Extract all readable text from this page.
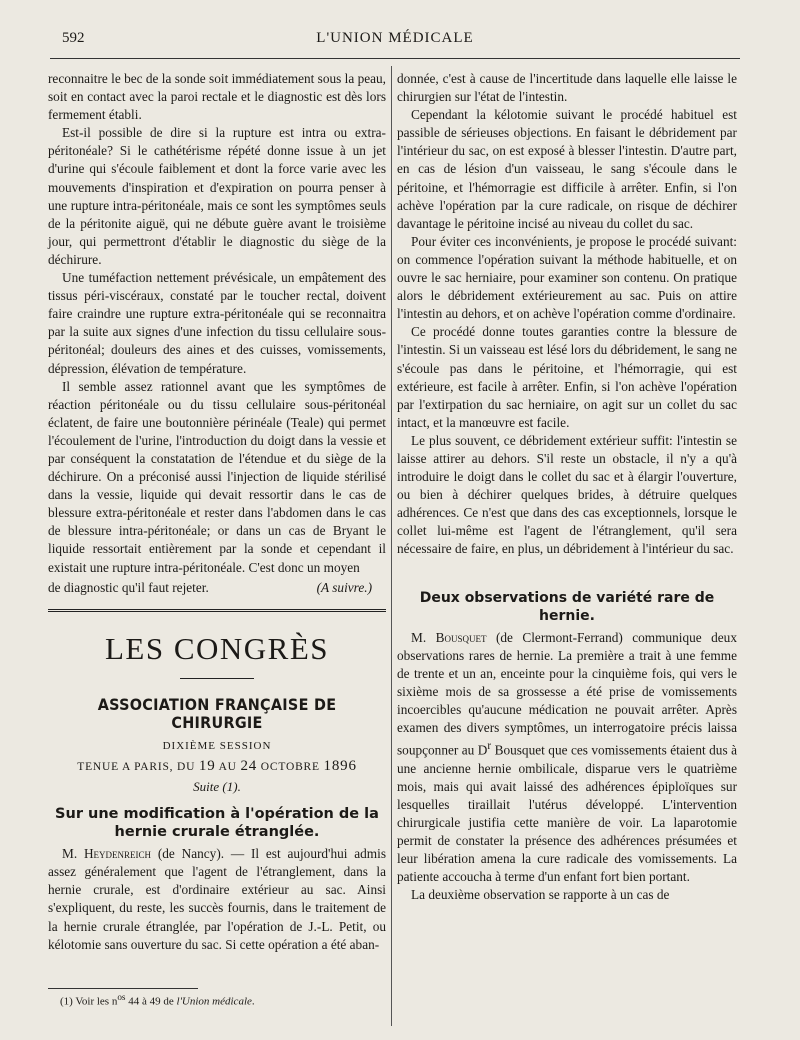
592	L'UNION MÉDICALE

reconnaitre le bec de la sonde soit immédiatement sous la peau, soit en contact avec la paroi rectale et le diagnostic est dès lors fermement établi.

Est-il possible de dire si la rupture est intra ou extra-péritonéale? Si le cathétérisme répété donne issue à un jet d'urine qui s'écoule faiblement et dont la force varie avec les mouvements d'inspiration et d'expiration on pourra penser à une rupture intra-péritonéale, mais ce sont les symptômes seuls de la péritonite aiguë, qui ne débute guère avant le troisième jour, qui permettront d'établir le diagnostic du siège de la déchirure.

Une tuméfaction nettement prévésicale, un empâtement des tissus péri-viscéraux, constaté par le toucher rectal, doivent faire craindre une rupture extra-péritonéale qui se reconnaitra par la suite aux signes d'une infection du tissu cellulaire sous-péritonéal; douleurs des aines et des cuisses, vomissements, dépression, élévation de température.

Il semble assez rationnel avant que les symptômes de réaction péritonéale ou du tissu cellulaire sous-péritonéal éclatent, de faire une boutonnière périnéale (Teale) qui permet l'écoulement de l'urine, l'introduction du doigt dans la vessie et par conséquent la constatation de l'étendue et du siège de la déchirure. On a préconisé aussi l'injection de liquide stérilisé dans la vessie, liquide qui devait ressortir dans le cas de blessure extra-péritonéale et rester dans l'abdomen dans le cas de blessure intra-péritonéale; or dans un cas de Bryant le liquide ressortait entièrement par la sonde et cependant il existait une rupture intra-péritonéale. C'est donc un moyen

de diagnostic qu'il faut rejeter.	(A suivre.)
LES CONGRÈS
ASSOCIATION FRANÇAISE DE CHIRURGIE
DIXIÈME SESSION
TENUE A PARIS, DU 19 AU 24 OCTOBRE 1896
Suite (1).
Sur une modification à l'opération de la hernie crurale étranglée.

M. Heydenreich (de Nancy). — Il est aujourd'hui admis assez généralement que l'agent de l'étranglement, dans la hernie crurale, est d'ordinaire extérieur au sac. Ainsi s'expliquent, du reste, les succès fournis, dans le traitement de la hernie crurale étranglée, par l'opération de J.-L. Petit, ou kélotomie sans ouverture du sac. Si cette opération a été aban-

donnée, c'est à cause de l'incertitude dans laquelle elle laisse le chirurgien sur l'état de l'intestin.

Cependant la kélotomie suivant le procédé habituel est passible de sérieuses objections. En faisant le débridement par l'intérieur du sac, on est exposé à blesser l'intestin. D'autre part, en cas de lésion d'un vaisseau, le sang s'écoule dans le péritoine, et l'hémorragie est difficile à arrêter. Enfin, si l'on achève l'opération par la cure radicale, on risque de déchirer davantage le péritoine incisé au niveau du collet du sac.

Pour éviter ces inconvénients, je propose le procédé suivant: on commence l'opération suivant la méthode habituelle, et on ouvre le sac herniaire, pour examiner son contenu. On pratique alors le débridement extérieurement au sac. Puis on attire l'intestin au dehors, et on achève l'opération comme d'ordinaire.

Ce procédé donne toutes garanties contre la blessure de l'intestin. Si un vaisseau est lésé lors du débridement, le sang ne s'écoule pas dans le péritoine, et l'hémorragie, qui est extérieure, est facile à arrêter. Enfin, si l'on achève l'opération par l'extirpation du sac herniaire, on agit sur un collet du sac intact, et la manœuvre est facile.

Le plus souvent, ce débridement extérieur suffit: l'intestin se laisse attirer au dehors. S'il reste un obstacle, il n'y a qu'à introduire le doigt dans le collet du sac et à élargir l'ouverture, ou bien à déchirer quelques brides, à détruire quelques adhérences. Ce n'est que dans des cas exceptionnels, lorsque le collet lui-même est l'agent de l'étranglement, qu'il sera nécessaire de faire, en plus, un débridement à l'intérieur du sac.

Deux observations de variété rare de hernie.

M. Bousquet (de Clermont-Ferrand) communique deux observations rares de hernie. La première a trait à une femme de trente et un an, enceinte pour la cinquième fois, qui vers le sixième mois de sa grossesse a été prise de vomissements incoercibles qu'aucune médication ne pouvait arrêter. Après examen des divers symptômes, un interrogatoire précis laissa soupçonner au $D^r$ Bousquet que ces vomissements étaient dus à une ancienne hernie ombilicale, disparue vers le quatrième mois, mais qui avait laissé des adhérences épiploïques sur lesquelles tiraillait l'utérus développé. L'intervention chirurgicale justifia cette manière de voir. La laparotomie permit de constater la présence des adhérences présumées et leur libération amena la cure radicale des vomissements. La patiente accoucha à terme d'un enfant fort bien portant.

La deuxième observation se rapporte à un cas de

(1) Voir les $n^{os}$ 44 à 49 de l'Union médicale.
